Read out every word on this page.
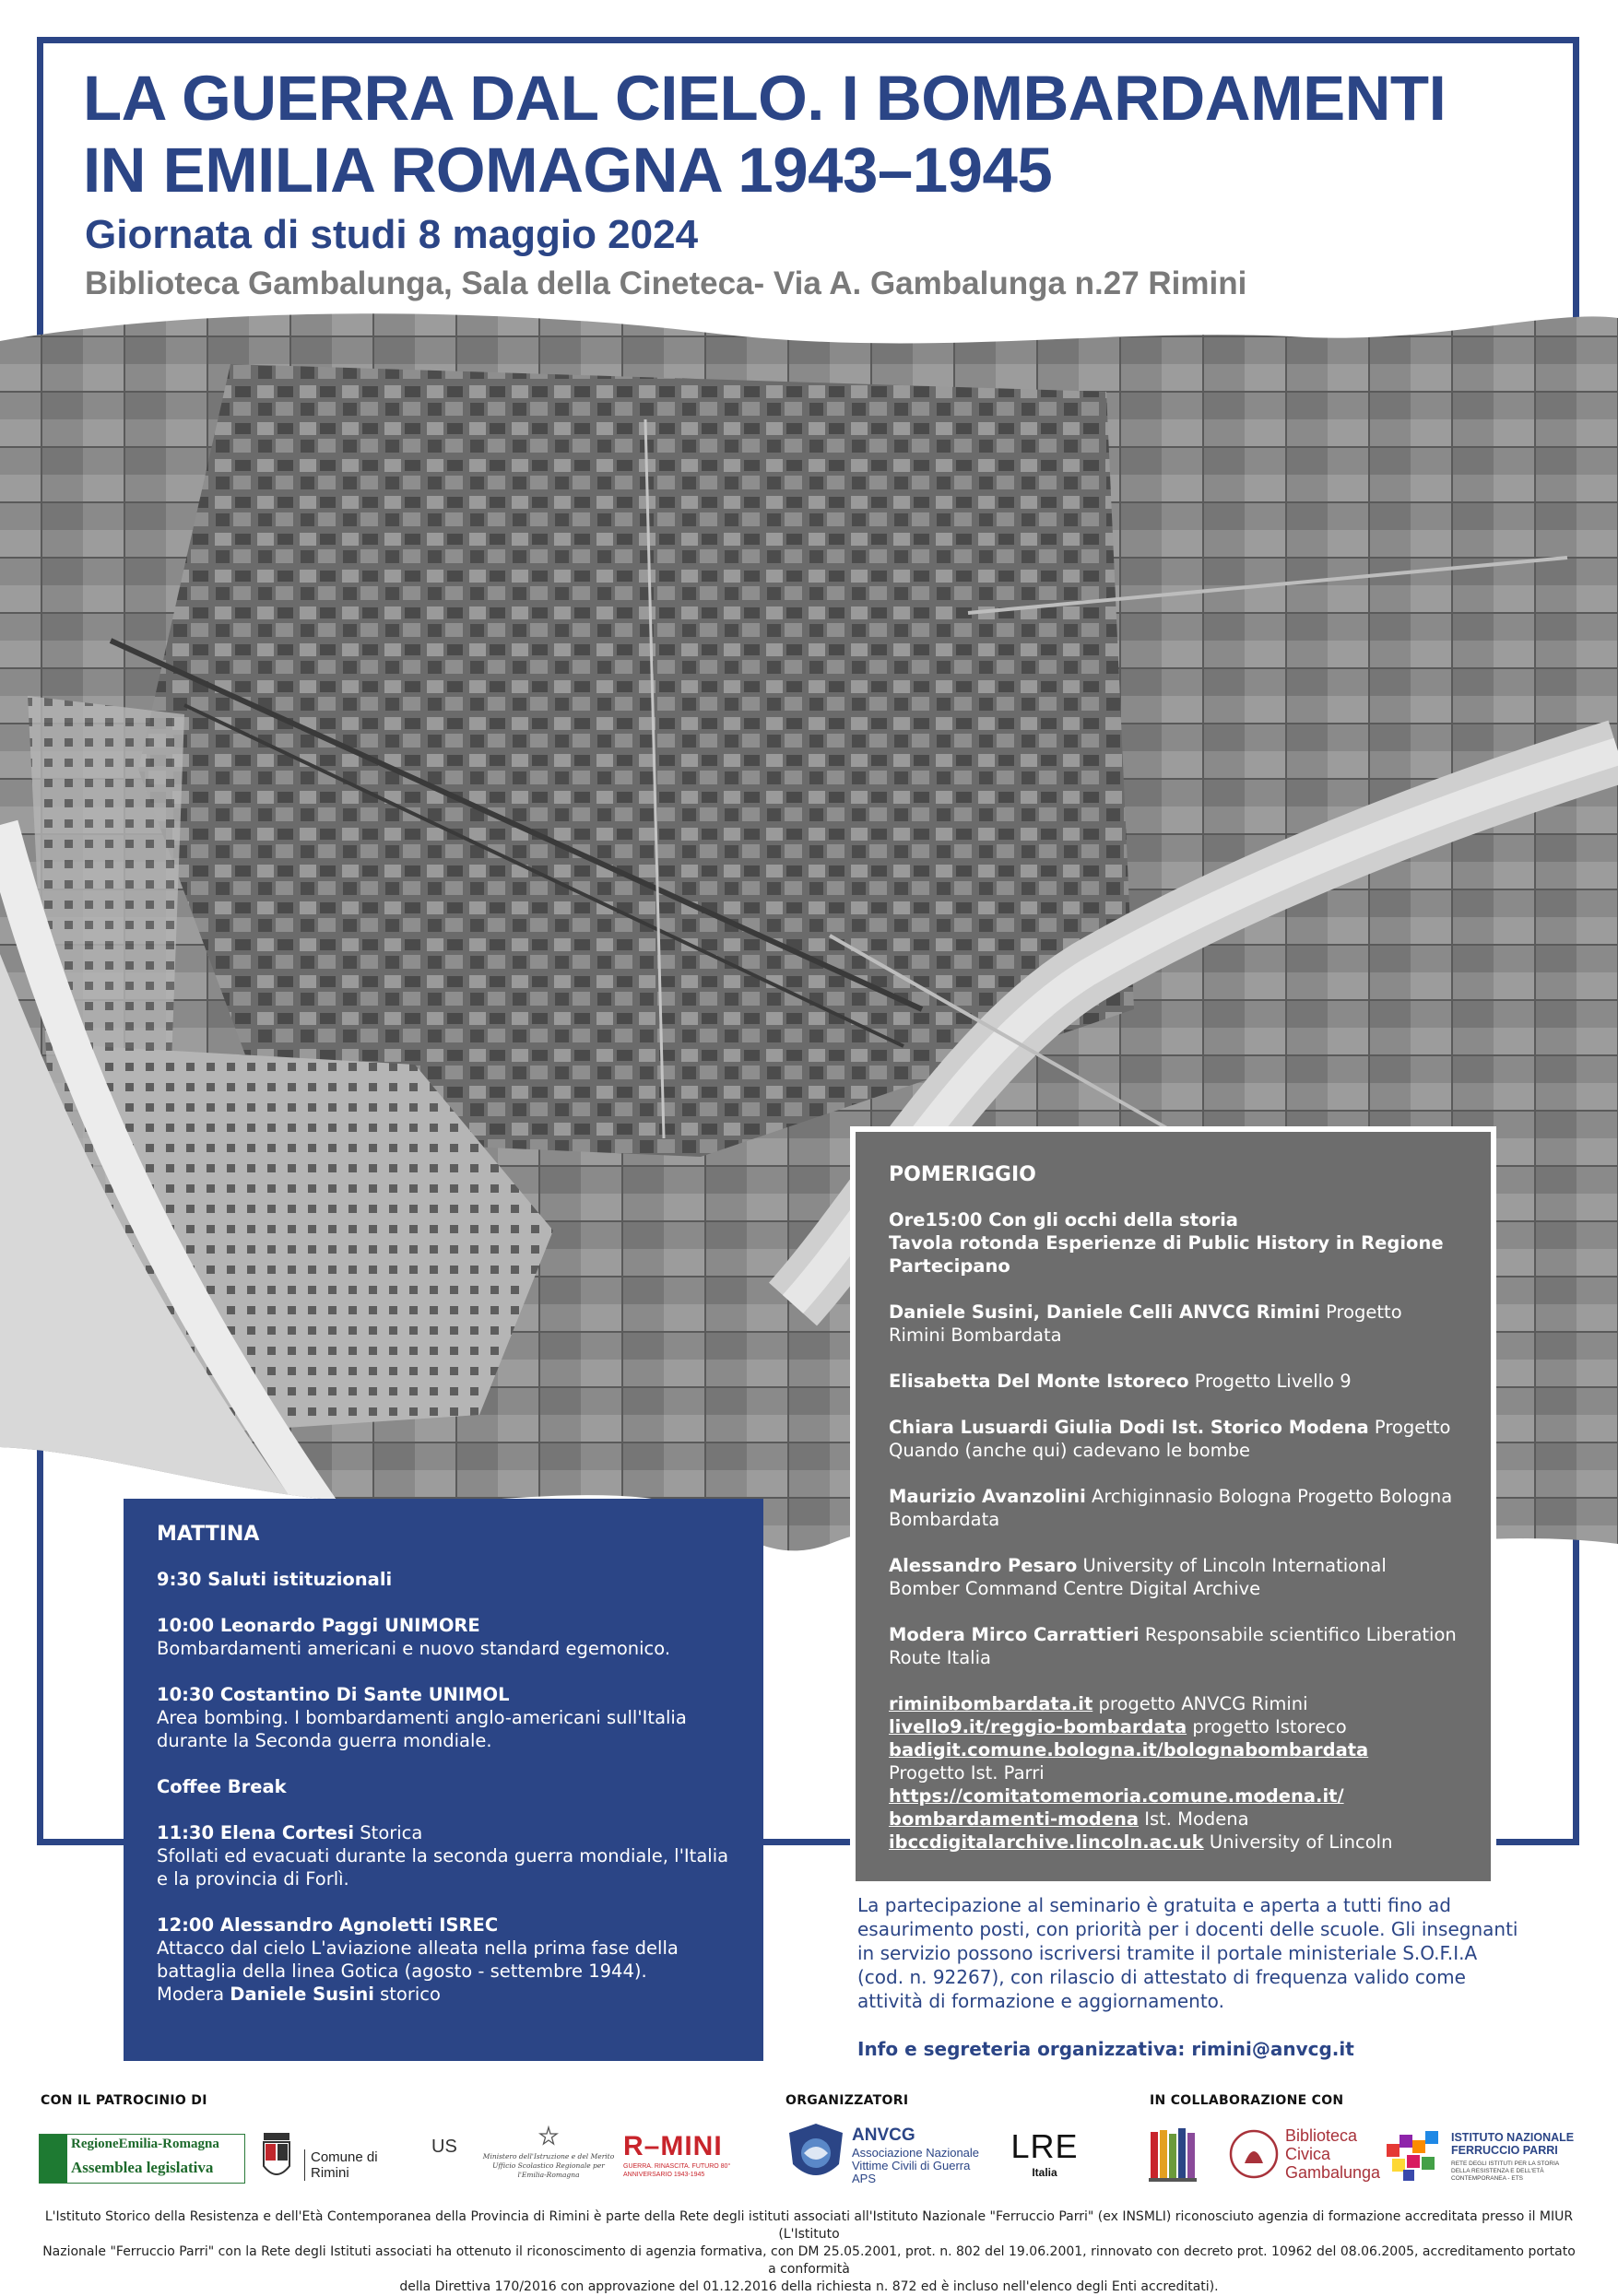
LA GUERRA DAL CIELO. I BOMBARDAMENTI
IN EMILIA ROMAGNA 1943–1945

Giornata di studi 8 maggio 2024

Biblioteca Gambalunga, Sala della Cineteca- Via A. Gambalunga n.27 Rimini

POMERIGGIO
Ore15:00 Con gli occhi della storia
Tavola rotonda Esperienze di Public History in Regione
Partecipano
Daniele Susini, Daniele Celli ANVCG Rimini Progetto Rimini Bombardata
Elisabetta Del Monte Istoreco Progetto Livello 9
Chiara Lusuardi Giulia Dodi Ist. Storico Modena Progetto Quando (anche qui) cadevano le bombe
Maurizio Avanzolini Archiginnasio Bologna Progetto Bologna Bombardata
Alessandro Pesaro University of Lincoln International Bomber Command Centre Digital Archive
Modera Mirco Carrattieri Responsabile scientifico Liberation Route Italia
riminibombardata.it progetto ANVCG Rimini
livello9.it/reggio-bombardata progetto Istoreco
badigit.comune.bologna.it/bolognabombardata
Progetto Ist. Parri
https://comitatomemoria.comune.modena.it/
bombardamenti-modena Ist. Modena
ibccdigitalarchive.lincoln.ac.uk University of Lincoln
MATTINA
9:30 Saluti istituzionali
10:00 Leonardo Paggi UNIMORE
Bombardamenti americani e nuovo standard egemonico.
10:30 Costantino Di Sante UNIMOL
Area bombing. I bombardamenti anglo-americani sull'Italia durante la Seconda guerra mondiale.
Coffee Break
11:30 Elena Cortesi Storica
Sfollati ed evacuati durante la seconda guerra mondiale, l'Italia e la provincia di Forlì.
12:00 Alessandro Agnoletti ISREC
Attacco dal cielo L'aviazione alleata nella prima fase della battaglia della linea Gotica (agosto - settembre 1944).
Modera Daniele Susini storico

La partecipazione al seminario è gratuita e aperta a tutti fino ad esaurimento posti, con priorità per i docenti delle scuole. Gli insegnanti in servizio possono iscriversi tramite il portale ministeriale S.O.F.I.A (cod. n. 92267), con rilascio di attestato di frequenza valido come attività di formazione e aggiornamento.

Info e segreteria organizzativa: rimini@anvcg.it

CON IL PATROCINIO DI	ORGANIZZATORI	IN COLLABORAZIONE CON
RegioneEmilia-Romagna
Assemblea legislativa
Comune di Rimini
US	Ministero dell'Istruzione e del Merito Ufficio Scolastico Regionale per l'Emilia-Romagna
R–MINI
GUERRA. RINASCITA. FUTURO 80° ANNIVERSARIO 1943-1945
ANVCG
Associazione Nazionale
Vittime Civili di Guerra
APS
LRE
Italia
Biblioteca
Civica
Gambalunga
ISTITUTO NAZIONALE
FERRUCCIO PARRI
RETE DEGLI ISTITUTI PER LA STORIA DELLA RESISTENZA E DELL'ETÀ CONTEMPORANEA - ETS

L'Istituto Storico della Resistenza e dell'Età Contemporanea della Provincia di Rimini è parte della Rete degli istituti associati all'Istituto Nazionale "Ferruccio Parri" (ex INSMLI) riconosciuto agenzia di formazione accreditata presso il MIUR (L'Istituto

Nazionale "Ferruccio Parri" con la Rete degli Istituti associati ha ottenuto il riconoscimento di agenzia formativa, con DM 25.05.2001, prot. n. 802 del 19.06.2001, rinnovato con decreto prot. 10962 del 08.06.2005, accreditamento portato a conformità

della Direttiva 170/2016 con approvazione del 01.12.2016 della richiesta n. 872 ed è incluso nell'elenco degli Enti accreditati).
